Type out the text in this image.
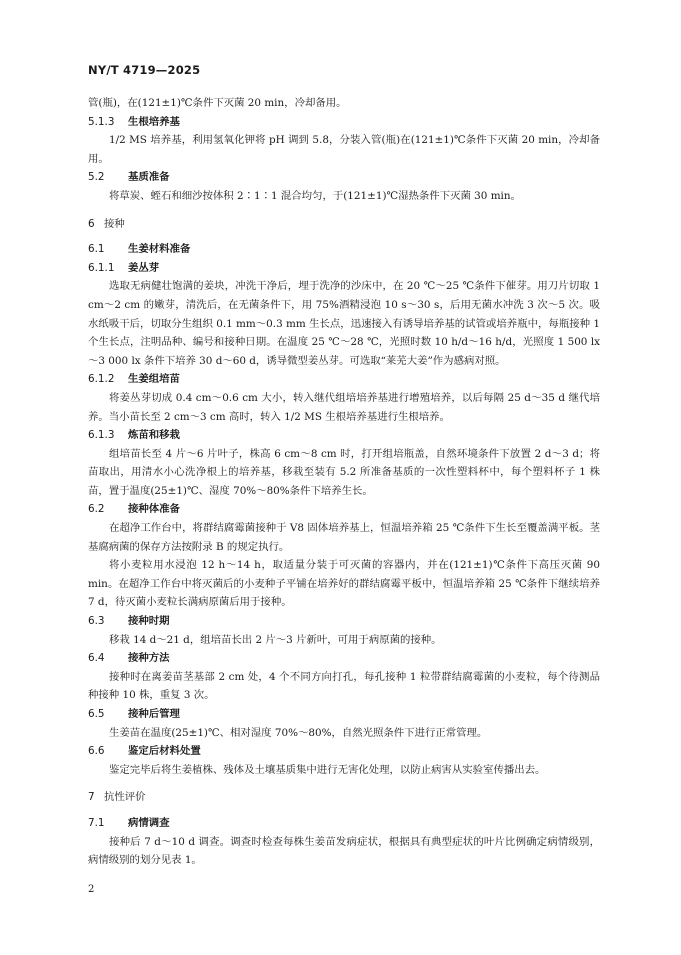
NY/T 4719—2025

管(瓶)，在(121±1)℃条件下灭菌 20 min，冷却备用。

5.1.3 生根培养基

1/2 MS 培养基，利用氢氧化钾将 pH 调到 5.8，分装入管(瓶)在(121±1)℃条件下灭菌 20 min，冷却备用。

5.2 基质准备

将草炭、蛭石和细沙按体积 2∶1∶1 混合均匀，于(121±1)℃湿热条件下灭菌 30 min。

6 接种
6.1 生姜材料准备
6.1.1 姜丛芽

选取无病健壮饱满的姜块，冲洗干净后，埋于洗净的沙床中，在 20 ℃～25 ℃条件下催芽。用刀片切取 1 cm～2 cm 的嫩芽，清洗后，在无菌条件下，用 75%酒精浸泡 10 s～30 s，后用无菌水冲洗 3 次～5 次。吸水纸吸干后，切取分生组织 0.1 mm～0.3 mm 生长点，迅速接入有诱导培养基的试管或培养瓶中，每瓶接种 1 个生长点，注明品种、编号和接种日期。在温度 25 ℃～28 ℃，光照时数 10 h/d～16 h/d，光照度 1 500 lx～3 000 lx 条件下培养 30 d～60 d，诱导微型姜丛芽。可选取“莱芜大姜”作为感病对照。

6.1.2 生姜组培苗

将姜丛芽切成 0.4 cm～0.6 cm 大小，转入继代组培培养基进行增殖培养，以后每隔 25 d～35 d 继代培养。当小苗长至 2 cm～3 cm 高时，转入 1/2 MS 生根培养基进行生根培养。

6.1.3 炼苗和移栽

组培苗长至 4 片～6 片叶子，株高 6 cm～8 cm 时，打开组培瓶盖，自然环境条件下放置 2 d～3 d；将苗取出，用清水小心洗净根上的培养基，移栽至装有 5.2 所准备基质的一次性塑料杯中，每个塑料杯子 1 株苗，置于温度(25±1)℃、湿度 70%～80%条件下培养生长。

6.2 接种体准备

在超净工作台中，将群结腐霉菌接种于 V8 固体培养基上，恒温培养箱 25 ℃条件下生长至覆盖满平板。茎基腐病菌的保存方法按附录 B 的规定执行。

将小麦粒用水浸泡 12 h～14 h，取适量分装于可灭菌的容器内，并在(121±1)℃条件下高压灭菌 90 min。在超净工作台中将灭菌后的小麦种子平铺在培养好的群结腐霉平板中，恒温培养箱 25 ℃条件下继续培养 7 d，待灭菌小麦粒长满病原菌后用于接种。

6.3 接种时期

移栽 14 d～21 d，组培苗长出 2 片～3 片新叶，可用于病原菌的接种。

6.4 接种方法

接种时在离姜苗茎基部 2 cm 处，4 个不同方向打孔，每孔接种 1 粒带群结腐霉菌的小麦粒，每个待测品种接种 10 株，重复 3 次。

6.5 接种后管理

生姜苗在温度(25±1)℃、相对湿度 70%～80%，自然光照条件下进行正常管理。

6.6 鉴定后材料处置

鉴定完毕后将生姜植株、残体及土壤基质集中进行无害化处理，以防止病害从实验室传播出去。

7 抗性评价
7.1 病情调查

接种后 7 d～10 d 调查。调查时检查每株生姜苗发病症状，根据具有典型症状的叶片比例确定病情级别，病情级别的划分见表 1。

2
